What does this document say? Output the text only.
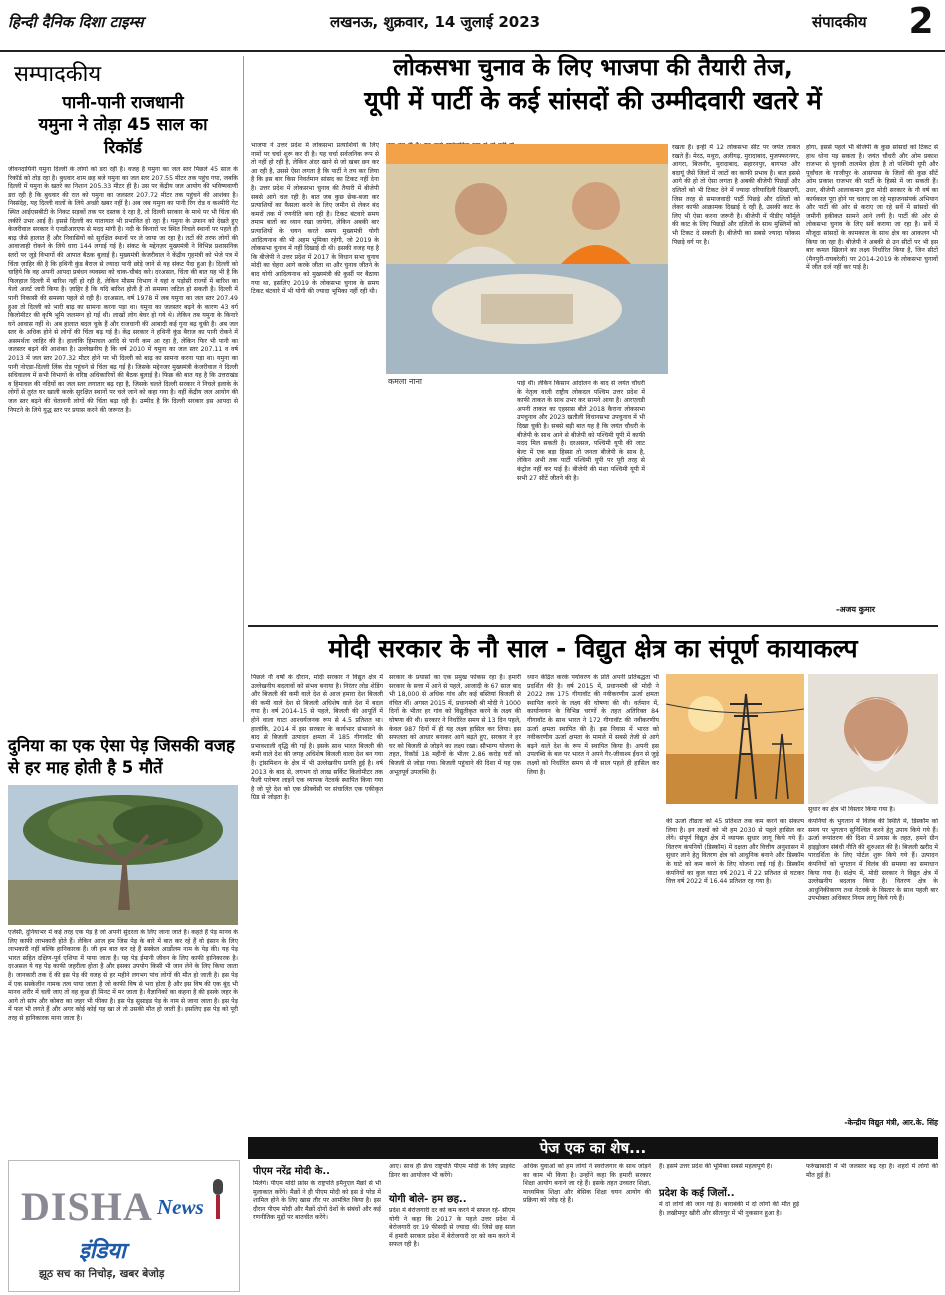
हिन्दी दैनिक दिशा टाइम्स	लखनऊ, शुक्रवार, 14 जुलाई 2023	संपादकीय 2
सम्पादकीय
पानी-पानी राजधानी
यमुना ने तोड़ा 45 साल का
रिकॉर्ड
जीवनदायिनी यमुना दिल्ली के लोगों को डरा रही है। वजह है यमुना का जल स्तर पिछले 45 साल के रिकॉर्ड को तोड़ रहा है। बुधवार शाम छह बजे यमुना का जल स्तर 207.55 मीटर तक पहुंच गया, जबकि दिल्ली में यमुना के खतरे का निशान 205.33 मीटर ही है। उस पर केंद्रीय जल आयोग की भविष्यवाणी डरा रही है कि बुधवार की रात को यमुना का जलस्तर 207.72 मीटर तक पहुंचने की आशंका है। निस्संदेह, यह दिल्ली वालों के लिये अच्छी खबर नहीं है। अब जब यमुना का पानी रिंग रोड व कश्मीरी गेट स्थित आईएसबीटी के निकट सड़कों तक पर दस्तक दे रहा है, तो दिल्ली सरकार के माथे पर भी चिंता की लकीरें उभर आई हैं। इससे दिल्ली का यातायात भी प्रभावित हो रहा है। यमुना के उफान को देखते हुए केजरीवाल सरकार ने एनडीआरएफ से मदद मांगी है। नदी के किनारों पर स्थित निचले स्थानों पर पहले ही बाढ़ जैसे हालात हैं और निवासियों को सुरक्षित स्थानों पर ले जाया जा रहा है। तटों की तरफ लोगों की आवाजाही रोकने के लिये धारा 144 लगाई गई है। संकट के मद्देनज़र मुख्यमंत्री ने विभिन्न प्रशासनिक स्तरों पर जुड़े विभागों की आपात बैठक बुलाई है। मुख्यमंत्री केजरीवाल ने केंद्रीय गृहमंत्री को भेजे पत्र में चिंता ज़ाहिर की है कि हथिनी कुंड बैराज से ज्यादा पानी छोड़े जाने से यह संकट पैदा हुआ है। दिल्ली को चाहिये कि वह अपनी आपदा प्रबंधन व्यवस्था को चाक-चौबंद करे। दरअसल, चिंता की बात यह भी है कि फिलहाल दिल्ली में बारिश नहीं हो रही है, लेकिन मौसम विभाग ने यहां व पड़ोसी राज्यों में बारिश का येलो अलर्ट जारी किया है। ज़ाहिर है कि यदि बारिश होती है तो समस्या जटिल हो सकती है। दिल्ली में पानी निकासी की समस्या पहले से रही है। दरअसल, वर्ष 1978 में जब यमुना का जल स्तर 207.49 हुआ तो दिल्ली को भारी बाढ़ का सामना करना पड़ा था। यमुना का जलस्तर बढ़ने के कारण 43 वर्ग किलोमीटर की कृषि भूमि जलमग्न हो गई थी। लाखों लोग बेघर हो गये थे। लेकिन तब यमुना के किनारे घने आवास नहीं थे। अब हालात बदल चुके हैं और राजधानी की आबादी कई गुना बढ़ चुकी है। अब जल स्तर के अधिक होने से लोगों की चिंता बढ़ गई है। केंद्र सरकार ने हथिनी कुंड बैराज का पानी रोकने में असमर्थता जाहिर की है। हालांकि हिमाचल आदि से पानी कम आ रहा है, लेकिन फिर भी पानी का जलस्तर बढ़ने की आशंका है। उल्लेखनीय है कि वर्ष 2010 में यमुना का जल स्तर 207.11 व वर्ष 2013 में जल स्तर 207.32 मीटर होने पर भी दिल्ली को बाढ़ का सामना करना पड़ा था। यमुना का पानी नोएडा-दिल्ली लिंक रोड पहुंचने से चिंता बढ़ गई है। जिसके मद्देनजर मुख्यमंत्री केजरीवाल ने दिल्ली सचिवालय में सभी विभागों के वरिष्ठ अधिकारियों की बैठक बुलाई है। फिक्र की बात यह है कि उत्तराखंड व हिमाचल की नदियों का जल स्तर लगातार बढ़ रहा है, जिसके चलते दिल्ली सरकार ने निचले इलाके के लोगों से तुरंत घर खाली करके सुरक्षित स्थानों पर चले जाने को कहा गया है। वहीं केंद्रीय जल आयोग की जल स्तर बढ़ने की चेतावनी लोगों की चिंता बढ़ा रही है। उम्मीद है कि दिल्ली सरकार इस आपदा से निपटने के लिये युद्ध स्तर पर प्रयास करने की जरूरत है।
दुनिया का एक ऐसा पेड़ जिसकी वजह से हर माह होती है 5 मौतें
एजेंसी, दुनियाभर में कई तरह एक पेड़ है जो अपनी सुंदरता के लिए जाना जाते है। कहते हैं पेड़ मानव के लिए काफी लाभकारी होते हैं। लेकिन आज हम जिस पेड़ के बारे में बात कर रहे हैं वो इंसान के लिए लाभकारी नहीं बल्कि हानिकारक हैं। जी हम बात कर रहे हैं सस्केल आर्डोलम नाम के पेड़ की। यह पेड़ भारत सहित दक्षिण-पूर्व एशिया में पाया जाता है। यह पेड़ ईमानी जीवन के लिए काफी हानिकारक है। दरअसल ये यह पेड़ काफी जहरीला होता है और इसका उपयोग किसी भी जान लेने के लिए किया जाता है। जानकारी तक दें की इस पेड़ की वजह से हर महीने लगभग पांच लोगों की मौत हो जाती है। इस पेड़ में एक सस्केलीन नामक तत्व पाया जाता है जो काफी विष से भरा होता है और इस विष की एक बूंद भी मानव शरीर में चली जाए तो वह कुछ ही मिनट में मर जाता है। वैज्ञानिकों का कहना है की इसके जहर के आगे तो सांप और कोबरा का जहर भी फीका है। इस पेड़ सुसाइड पेड़ के नाम से जाना जाता है। इस पेड़ में फल भी लगते हैं और अगर कोई कोई यह खा ले तो उसकी मौत हो जाती है। इसलिए इस पेड़ को पूरी तरह से हानिकारक माना जाता है।
लोकसभा चुनाव के लिए भाजपा की तैयारी तेज,
यूपी में पार्टी के कई सांसदों की उम्मीदवारी खतरे में
भाजपा ने उत्तर प्रदेश में लोकसभा प्रत्याशियों के लिए नामों पर चर्चा शुरू कर दी है। यह चर्चा सर्वजनिक रूप से तो नहीं हो रही है, लेकिन अंदर खाने से जो खबर छन कर आ रही है, उससे ऐसा लगता है कि पार्टी ने तय कर लिया है कि इस बार किस निवर्तमान सांसद का टिकट नहीं देना है। उत्तर प्रदेश में लोकसभा चुनाव की तैयारी में बीजेपी सबसे आगे चल रही है। बात जब कुछ छेक-बजा कर प्रत्याशियों का फैसला करने के लिए जमीन से लेकर बंद कमरों तक में रणनीति बना रही है। टिकट बंटवारे समय तमाम बातों का ध्यान रखा जायेगा, लेकिन अबकी बार प्रत्याशियों के चयन करते समय मुख्यमंत्री योगी आदित्यनाथ की भी अहम भूमिका रहेगी, जो 2019 के लोकसभा चुनाव में नहीं दिखाई दी थी। इसकी वजह यह है कि बीजेपी ने उत्तर प्रदेश में 2017 के विधान सभा चुनाव मोदी का चेहरा आगे करके जीता था और चुनाव जीतने के बाद योगी आदित्यनाथ को मुख्यमंत्री की कुर्सी पर बैठाया गया था, इसलिए 2019 के लोकसभा चुनाव के समय टिकट बंटवारे में भी योगी की ज्यादा भूमिका नहीं रही थी।
कमला नाना	पाई थी। लेकिन किसान आंदोलन के बाद से जयंत चौधरी के नेतृत्व वाली राष्ट्रीय लोकदल पश्चिम उत्तर प्रदेश में काफी ताकत के साथ उभर कर सामने आया है। आरएलडी अपनी ताकत का एहसास बीते 2018 कैराना लोकसभा उपचुनाव और 2023 खतौली विधानसभा उपचुनाव में भी दिखा चुकी है। सबसे बड़ी बात यह है कि जयंत चौधरी के बीजेपी के साथ आने से बीजेपी को पश्चिमी यूपी में काफी मदद मिल सकती है। दरअसल, पश्चिमी यूपी की जाट बेल्ट में एक बड़ा हिस्सा तो जनता बीजेपी के साथ है, लेकिन अभी तक पार्टी पश्चिमी यूपी पर पूरी तरह से कंट्रोल नहीं कर पाई है। बीजेपी की मंशा पश्चिमी यूपी में सभी 27 सीटें जीतने की है।
रखता है। इन्ही में 12 लोकसभा सीट पर जयंत ताकत रखते हैं। मेरठ, मथुरा, अलीगढ़, मुरादाबाद, मुजफ्फरनगर, आगरा, बिजनौर, मुरादाबाद, सहारनपुर, बागपत और बदायूं जैसे जिलों में जाटों का काफी प्रभाव है। बात इससे आगे की हो तो ऐसा लगता है अबकी बीजेपी पिछड़ों और दलितों को भी टिकट देने में ज्यादा दरियादिली दिखाएगी, जिस तरह से समाजवादी पार्टी पिछड़े और दलितों को लेकर काफी आक्रामक दिखाई दे रही है, उसकी काट के लिए भी ऐसा करना जरूरी है। बीजेपी में पीडीए फॉर्मूले की काट के लिए पिछड़ों और दलितों के साथ मुस्लिमों को भी टिकट दे सकती है। बीजेपी का सबसे ज्यादा फोकस पिछड़े वर्ग पर है।
होगा, इससे पहले भी बीजेपी के कुछ सांसदों को टिकट से हाथ धोना पड़ सकता है। जयंत चौधरी और ओम प्रकाश राजभर से चुनावी तालमेल होता है तो पश्चिमी यूपी और पूर्वांचल के गाजीपुर के आसपास के जिलों की कुछ सीटें ओम प्रकाश राजभर की पार्टी के हिस्से में जा सकती हैं। उधर, बीजेपी आलाकमान द्वारा मोदी सरकार के नौ वर्ष का कार्यकाल पूरा होने पर चलाए जा रहे महाजनसंपर्क अभियान और पार्टी की ओर से कराए जा रहे सर्वे में सांसदों की जमीनी हकीकत सामने आने लगी है। पार्टी की ओर से लोकसभा चुनाव के लिए सर्वे कराया जा रहा है। सर्वे में मौजूदा सांसदों के कामकाज के साथ क्षेत्र का आकलन भी किया जा रहा है। बीजेपी ने अबकी से उन सीटों पर भी इस बार कमल खिलाने का लक्ष्य निर्धारित किया है, जिन सीटों (मैनपुरी-रायबरेली) पर 2014-2019 के लोकसभा चुनावों में जीत दर्ज नहीं कर पाई है।
-अजय कुमार
मोदी सरकार के नौ साल - विद्युत क्षेत्र का संपूर्ण कायाकल्प
पिछले नौ वर्षों के दौरान, मोदी सरकार ने विद्युत क्षेत्र में उल्लेखनीय बदलावों को संभव बनाया है। निरंतर लोड शेडिंग और बिजली की कमी वाले देश से आज हमारा देश बिजली की कमी वाले देश से बिजली अधिशेष वाले देश में बदल गया है। वर्ष 2014-15 से पहले, बिजली की आपूर्ति में होने वाला घाटा आश्चर्यजनक रूप से 4.5 प्रतिशत था। हालांकि, 2014 में इस सरकार के कार्यभार संभालने के बाद से बिजली उत्पादन क्षमता में 185 गीगावॉट की प्रभावशाली वृद्धि की गई है। इसके साथ भारत बिजली की कमी वाले देश की जगह अधिशेष बिजली वाला देश बन गया है। ट्रांसमिशन के क्षेत्र में भी उल्लेखनीय प्रगति हुई है। वर्ष 2013 के बाद से, लगभग दो लाख सर्किट किलोमीटर तक फैली पारेषण लाइनें एक व्यापक नेटवर्क स्थापित किया गया है जो पूरे देश को एक फ्रीक्वेंसी पर संचालित एक एकीकृत ग्रिड से जोड़ता है।
सरकार के प्रयासों का एक प्रमुख फोकस रहा है। हमारी सरकार के सत्ता में आने से पहले, आजादी के 67 साल बाद भी 18,000 से अधिक गांव और कई बस्तियां बिजली से वंचित थीं। अगस्त 2015 में, प्रधानमंत्री श्री मोदी ने 1000 दिनों के भीतर हर गांव को विद्युतीकृत करने के लक्ष्य की घोषणा की थी। सरकार ने निर्धारित समय से 13 दिन पहले, केवल 987 दिनों में ही यह लक्ष्य हासिल कर लिया। इस सफलता को आधार बनाकर आगे बढ़ते हुए, सरकार ने हर घर को बिजली से जोड़ने का लक्ष्य रखा। सौभाग्य योजना के तहत, रिकॉर्ड 18 महीनों के भीतर 2.86 करोड़ घरों को बिजली से जोड़ा गया। बिजली पहुंचाने की दिशा में यह एक अभूतपूर्व उपलब्धि है।
ध्यान केंद्रित करके पर्यावरण के प्रति अपनी प्रतिबद्धता भी प्रदर्शित की है। वर्ष 2015 में, प्रधानमंत्री श्री मोदी ने 2022 तक 175 गीगावॉट की नवीकरणीय ऊर्जा क्षमता स्थापित करने के लक्ष्य की घोषणा की थी। वर्तमान में, कार्यान्वयन के विभिन्न चरणों के तहत अतिरिक्त 84 गीगावॉट के साथ भारत ने 172 गीगावॉट की नवीकरणीय ऊर्जा क्षमता स्थापित की है। इस निवास में भारत को नवीकरणीय ऊर्जा क्षमता के मामले में सबसे तेजी से आगे बढ़ने वाले देश के रूप में स्थापित किया है। अपनी इस उपलब्धि के बल पर भारत ने अपने गैर-जीवाश्म ईंधन से जुड़े लक्ष्यों को निर्धारित समय से नौ साल पहले ही हासिल कर लिया है।
सुधार का क्षेत्र भी विस्तार किया गया है।
की ऊर्जा तीव्रता को 45 प्रतिशत तक कम करने का संकल्प लिया है। इन लक्ष्यों को भी हम 2030 से पहले हासिल कर लेंगे। संपूर्ण विद्युत क्षेत्र में व्यापक सुधार लागू किये गये हैं। वितरण कंपनियों (डिस्कॉम) में दक्षता और वित्तीय अनुशासन में सुधार लाने हेतु वितरण क्षेत्र को आधुनिक बनाने और डिस्कॉम के घाटे को कम करने के लिए योजना लाई गई है। डिस्कॉम कंपनियों का कुल घाटा वर्ष 2021 में 22 प्रतिशत से घटकर वित्त वर्ष 2022 में 16.44 प्रतिशत रह गया है।
कंपनियों के भुगतान में विलंब की स्थिति में, डिस्कॉम को समय पर भुगतान सुनिश्चित करने हेतु उपाय किये गये हैं। ऊर्जा रूपांतरण की दिशा में प्रयास के तहत, हमने ग्रीन हाइड्रोजन संबंधी नीति की शुरुआत की है। बिजली खरीद में पारदर्शिता के लिए पोर्टल शुरू किये गये हैं। उत्पादन कंपनियों को भुगतान में विलंब की समस्या का समाधान किया गया है। संक्षेप में, मोदी सरकार ने विद्युत क्षेत्र में उल्लेखनीय बदलाव किया है। वितरण क्षेत्र के आधुनिकीकरण तथा नेटवर्क के विस्तार के साथ पहली बार उपभोक्ता अधिकार नियम लागू किये गये हैं।
-केन्द्रीय विद्युत मंत्री, आर.के. सिंह
पेज एक का शेष...
DISHA News
इंडिया
झूठ सच का निचोड़, खबर बेजोड़
पीएम नरेंद्र मोदी के..
मिलेंगे। पीएम मोदी फ्रांस के राष्ट्रपति इमैनुएल मैक्रों से भी मुलाकात करेंगे। मैक्रों ने ही पीएम मोदी को इस डे परेड में शामिल होने के लिए खास तौर पर आमंत्रित किया है। इस दौरान पीएम मोदी और मैक्रों दोनों देशों के संबंधों और कई रणनीतिक मुद्दों पर बातचीत करेंगे।
आए। साथ ही फ्रेंच राष्ट्रपति पीएम मोदी के लिए प्राइवेट डिनर का आयोजन भी करेंगे।
योगी बोले- हम छह..
प्रदेश में बेरोजगारी दर को कम करने में सफल रहे- सीएम योगी ने कहा कि 2017 के पहले उत्तर प्रदेश में बेरोजगारी दर 19 फीसदी से ज्यादा थी। जिसे छह साल में हमारी सरकार प्रदेश में बेरोजगारी दर को कम करने में सफल रही है।
अधिक युवाओं को हम लोगों ने स्वरोजगार के साथ जोड़ने का काम भी किया है। उन्होंने कहा कि हमारी सरकार शिक्षा आयोग बनाने जा रहे हैं। इसके तहत उच्चतर शिक्षा, माध्यमिक शिक्षा और बेसिक शिक्षा चयन आयोग की प्रक्रिया को जोड़ रहे हैं।
हैं। इसमें उत्तर प्रदेश की भूमिका सबसे महत्वपूर्ण है।
प्रदेश के कई जिलों..
में दो लोगों की जान गई है। बाराबंकी में दो लोगों की मौत हुई है। लखीमपुर खीरी और सीतापुर में भी नुकसान हुआ है।
फर्रुखाबादी में भी जलस्तर बढ़ रहा है। शहरों में लोगों की मौत हुई है।
